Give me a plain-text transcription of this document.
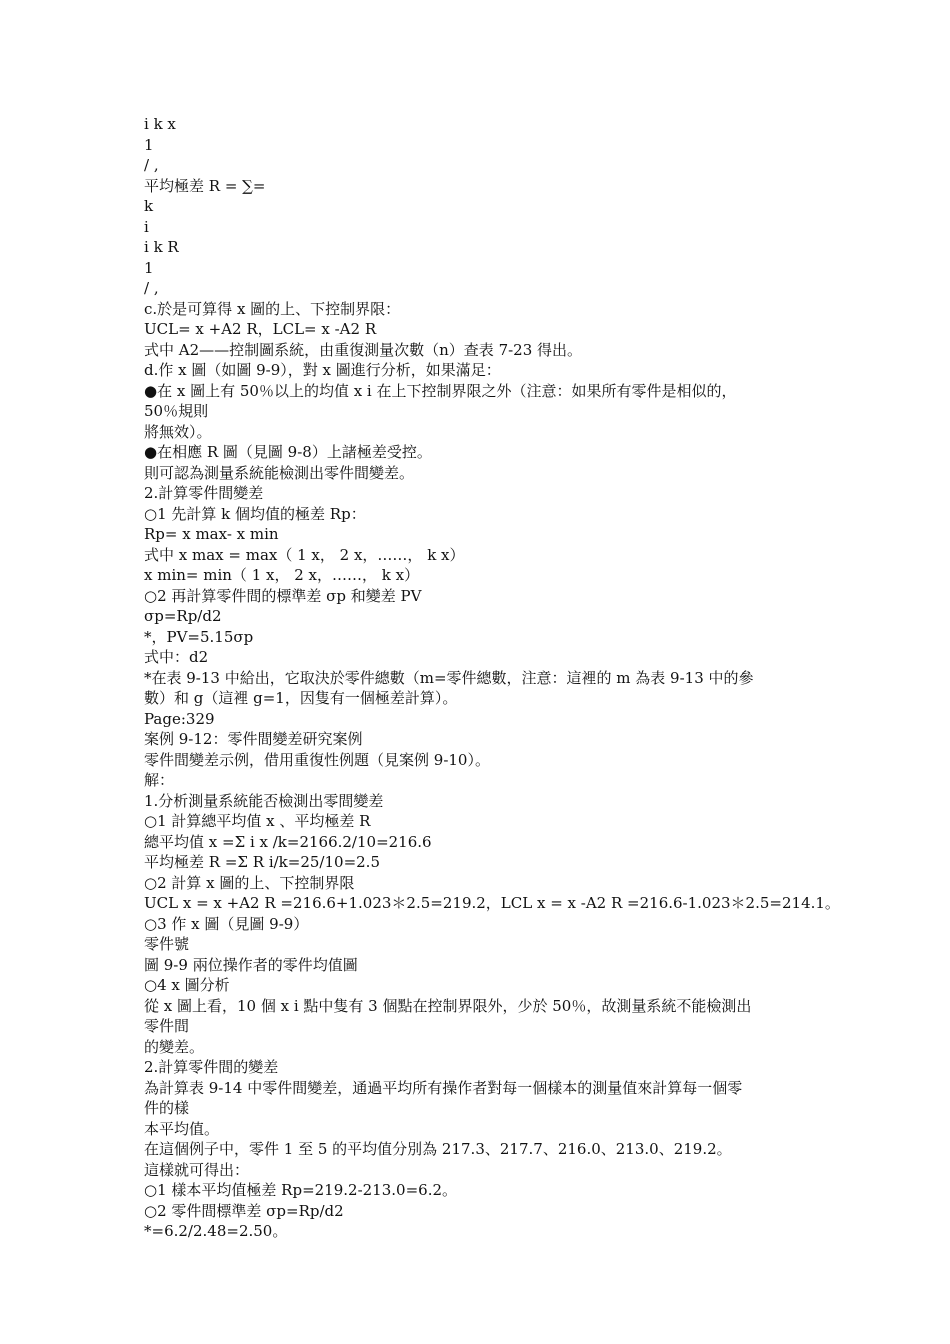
i k x
1
/ ,
平均極差 R = ∑=
k
i
i k R
1
/ ,
c.於是可算得 x 圖的上、下控制界限：
UCL= x +A2 R，LCL= x -A2 R
式中 A2——控制圖系統，由重復測量次數（n）查表 7-23 得出。
d.作 x 圖（如圖 9-9），對 x 圖進行分析，如果滿足：
●在 x 圖上有 50％以上的均值 x i 在上下控制界限之外（注意：如果所有零件是相似的，
50％規則
將無效）。
●在相應 R 圖（見圖 9-8）上諸極差受控。
則可認為測量系統能檢測出零件間變差。
2.計算零件間變差
○1 先計算 k 個均值的極差 Rp：
Rp= x max- x min
式中 x max = max（ 1 x， 2 x，……， k x）
x min= min（ 1 x， 2 x，……， k x）
○2 再計算零件間的標準差 σp 和變差 PV
σp=Rp/d2
*，PV=5.15σp
式中：d2
*在表 9-13 中給出，它取決於零件總數（m=零件總數，注意：這裡的 m 為表 9-13 中的參
數）和 g（這裡 g=1，因隻有一個極差計算）。
Page:329
案例 9-12：零件間變差研究案例
零件間變差示例，借用重復性例題（見案例 9-10）。
解：
1.分析測量系統能否檢測出零間變差
○1 計算總平均值 x 、平均極差 R
總平均值 x =Σ i x /k=2166.2/10=216.6
平均極差 R =Σ R i/k=25/10=2.5
○2 計算 x 圖的上、下控制界限
UCL x = x +A2 R =216.6+1.023＊2.5=219.2，LCL x = x -A2 R =216.6-1.023＊2.5=214.1。
○3 作 x 圖（見圖 9-9）
零件號
圖 9-9 兩位操作者的零件均值圖
○4 x 圖分析
從 x 圖上看，10 個 x i 點中隻有 3 個點在控制界限外，少於 50％，故測量系統不能檢測出
零件間
的變差。
2.計算零件間的變差
為計算表 9-14 中零件間變差，通過平均所有操作者對每一個樣本的測量值來計算每一個零
件的樣
本平均值。
在這個例子中，零件 1 至 5 的平均值分別為 217.3、217.7、216.0、213.0、219.2。
這樣就可得出：
○1 樣本平均值極差 Rp=219.2-213.0=6.2。
○2 零件間標準差 σp=Rp/d2
*=6.2/2.48=2.50。
